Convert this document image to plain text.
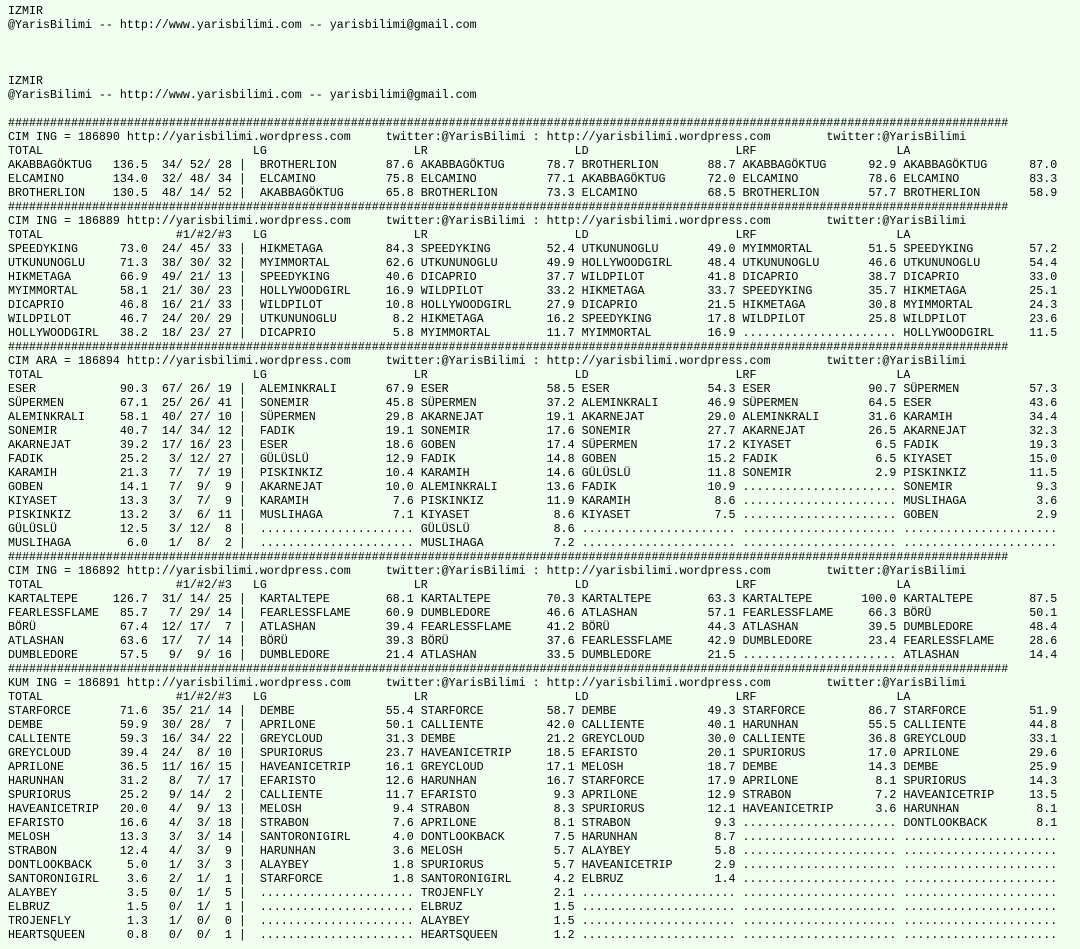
IZMIR
@YarisBilimi -- http://www.yarisbilimi.com -- yarisbilimi@gmail.com
IZMIR
@YarisBilimi -- http://www.yarisbilimi.com -- yarisbilimi@gmail.com
###############################################################################################################################################
CIM ING = 186890 http://yarisbilimi.wordpress.com     twitter:@YarisBilimi : http://yarisbilimi.wordpress.com        twitter:@YarisBilimi
TOTAL                              LG                     LR                     LD                     LRF                    LA
AKABBAGÖKTUG   136.5  34/ 52/ 28 |  BROTHERLION       87.6 AKABBAGÖKTUG      78.7 BROTHERLION       88.7 AKABBAGÖKTUG      92.9 AKABBAGÖKTUG      87.0
ELCAMINO       134.0  32/ 48/ 34 |  ELCAMINO          75.8 ELCAMINO          77.1 AKABBAGÖKTUG      72.0 ELCAMINO          78.6 ELCAMINO          83.3
BROTHERLION    130.5  48/ 14/ 52 |  AKABBAGÖKTUG      65.8 BROTHERLION       73.3 ELCAMINO          68.5 BROTHERLION       57.7 BROTHERLION       58.9
###############################################################################################################################################
CIM ING = 186889 http://yarisbilimi.wordpress.com     twitter:@YarisBilimi : http://yarisbilimi.wordpress.com        twitter:@YarisBilimi
TOTAL                   #1/#2/#3   LG                     LR                     LD                     LRF                    LA
SPEEDYKING      73.0  24/ 45/ 33 |  HIKMETAGA         84.3 SPEEDYKING        52.4 UTKUNUNOGLU       49.0 MYIMMORTAL        51.5 SPEEDYKING        57.2
UTKUNUNOGLU     71.3  38/ 30/ 32 |  MYIMMORTAL        62.6 UTKUNUNOGLU       49.9 HOLLYWOODGIRL     48.4 UTKUNUNOGLU       46.6 UTKUNUNOGLU       54.4
HIKMETAGA       66.9  49/ 21/ 13 |  SPEEDYKING        40.6 DICAPRIO          37.7 WILDPILOT         41.8 DICAPRIO          38.7 DICAPRIO          33.0
MYIMMORTAL      58.1  21/ 30/ 23 |  HOLLYWOODGIRL     16.9 WILDPILOT         33.2 HIKMETAGA         33.7 SPEEDYKING        35.7 HIKMETAGA         25.1
DICAPRIO        46.8  16/ 21/ 33 |  WILDPILOT         10.8 HOLLYWOODGIRL     27.9 DICAPRIO          21.5 HIKMETAGA         30.8 MYIMMORTAL        24.3
WILDPILOT       46.7  24/ 20/ 29 |  UTKUNUNOGLU        8.2 HIKMETAGA         16.2 SPEEDYKING        17.8 WILDPILOT         25.8 WILDPILOT         23.6
HOLLYWOODGIRL   38.2  18/ 23/ 27 |  DICAPRIO           5.8 MYIMMORTAL        11.7 MYIMMORTAL        16.9 ...................... HOLLYWOODGIRL     11.5
###############################################################################################################################################
CIM ARA = 186894 http://yarisbilimi.wordpress.com     twitter:@YarisBilimi : http://yarisbilimi.wordpress.com        twitter:@YarisBilimi
TOTAL                              LG                     LR                     LD                     LRF                    LA
ESER            90.3  67/ 26/ 19 |  ALEMINKRALI       67.9 ESER              58.5 ESER              54.3 ESER              90.7 SÜPERMEN          57.3
SÜPERMEN        67.1  25/ 26/ 41 |  SONEMIR           45.8 SÜPERMEN          37.2 ALEMINKRALI       46.9 SÜPERMEN          64.5 ESER              43.6
ALEMINKRALI     58.1  40/ 27/ 10 |  SÜPERMEN          29.8 AKARNEJAT         19.1 AKARNEJAT         29.0 ALEMINKRALI       31.6 KARAMIH           34.4
SONEMIR         40.7  14/ 34/ 12 |  FADIK             19.1 SONEMIR           17.6 SONEMIR           27.7 AKARNEJAT         26.5 AKARNEJAT         32.3
AKARNEJAT       39.2  17/ 16/ 23 |  ESER              18.6 GOBEN             17.4 SÜPERMEN          17.2 KIYASET            6.5 FADIK             19.3
FADIK           25.2   3/ 12/ 27 |  GÜLÜSLÜ           12.9 FADIK             14.8 GOBEN             15.2 FADIK              6.5 KIYASET           15.0
KARAMIH         21.3   7/  7/ 19 |  PISKINKIZ         10.4 KARAMIH           14.6 GÜLÜSLÜ           11.8 SONEMIR            2.9 PISKINKIZ         11.5
GOBEN           14.1   7/  9/  9 |  AKARNEJAT         10.0 ALEMINKRALI       13.6 FADIK             10.9 ...................... SONEMIR            9.3
KIYASET         13.3   3/  7/  9 |  KARAMIH            7.6 PISKINKIZ         11.9 KARAMIH            8.6 ...................... MUSLIHAGA          3.6
PISKINKIZ       13.2   3/  6/ 11 |  MUSLIHAGA          7.1 KIYASET            8.6 KIYASET            7.5 ...................... GOBEN              2.9
GÜLÜSLÜ         12.5   3/ 12/  8 |  ...................... GÜLÜSLÜ            8.6 ...................... ...................... ......................
MUSLIHAGA        6.0   1/  8/  2 |  ...................... MUSLIHAGA          7.2 ...................... ...................... ......................
###############################################################################################################################################
CIM ING = 186892 http://yarisbilimi.wordpress.com     twitter:@YarisBilimi : http://yarisbilimi.wordpress.com        twitter:@YarisBilimi
TOTAL                   #1/#2/#3   LG                     LR                     LD                     LRF                    LA
KARTALTEPE     126.7  31/ 14/ 25 |  KARTALTEPE        68.1 KARTALTEPE        70.3 KARTALTEPE        63.3 KARTALTEPE       100.0 KARTALTEPE        87.5
FEARLESSFLAME   85.7   7/ 29/ 14 |  FEARLESSFLAME     60.9 DUMBLEDORE        46.6 ATLASHAN          57.1 FEARLESSFLAME     66.3 BÖRÜ              50.1
BÖRÜ            67.4  12/ 17/  7 |  ATLASHAN          39.4 FEARLESSFLAME     41.2 BÖRÜ              44.3 ATLASHAN          39.5 DUMBLEDORE        48.4
ATLASHAN        63.6  17/  7/ 14 |  BÖRÜ              39.3 BÖRÜ              37.6 FEARLESSFLAME     42.9 DUMBLEDORE        23.4 FEARLESSFLAME     28.6
DUMBLEDORE      57.5   9/  9/ 16 |  DUMBLEDORE        21.4 ATLASHAN          33.5 DUMBLEDORE        21.5 ...................... ATLASHAN          14.4
###############################################################################################################################################
KUM ING = 186891 http://yarisbilimi.wordpress.com     twitter:@YarisBilimi : http://yarisbilimi.wordpress.com        twitter:@YarisBilimi
TOTAL                   #1/#2/#3   LG                     LR                     LD                     LRF                    LA
STARFORCE       71.6  35/ 21/ 14 |  DEMBE             55.4 STARFORCE         58.7 DEMBE             49.3 STARFORCE         86.7 STARFORCE         51.9
DEMBE           59.9  30/ 28/  7 |  APRILONE          50.1 CALLIENTE         42.0 CALLIENTE         40.1 HARUNHAN          55.5 CALLIENTE         44.8
CALLIENTE       59.3  16/ 34/ 22 |  GREYCLOUD         31.3 DEMBE             21.2 GREYCLOUD         30.0 CALLIENTE         36.8 GREYCLOUD         33.1
GREYCLOUD       39.4  24/  8/ 10 |  SPURIORUS         23.7 HAVEANICETRIP     18.5 EFARISTO          20.1 SPURIORUS         17.0 APRILONE          29.6
APRILONE        36.5  11/ 16/ 15 |  HAVEANICETRIP     16.1 GREYCLOUD         17.1 MELOSH            18.7 DEMBE             14.3 DEMBE             25.9
HARUNHAN        31.2   8/  7/ 17 |  EFARISTO          12.6 HARUNHAN          16.7 STARFORCE         17.9 APRILONE           8.1 SPURIORUS         14.3
SPURIORUS       25.2   9/ 14/  2 |  CALLIENTE         11.7 EFARISTO           9.3 APRILONE          12.9 STRABON            7.2 HAVEANICETRIP     13.5
HAVEANICETRIP   20.0   4/  9/ 13 |  MELOSH             9.4 STRABON            8.3 SPURIORUS         12.1 HAVEANICETRIP      3.6 HARUNHAN           8.1
EFARISTO        16.6   4/  3/ 18 |  STRABON            7.6 APRILONE           8.1 STRABON            9.3 ...................... DONTLOOKBACK       8.1
MELOSH          13.3   3/  3/ 14 |  SANTORONIGIRL      4.0 DONTLOOKBACK       7.5 HARUNHAN           8.7 ...................... ......................
STRABON         12.4   4/  3/  9 |  HARUNHAN           3.6 MELOSH             5.7 ALAYBEY            5.8 ...................... ......................
DONTLOOKBACK     5.0   1/  3/  3 |  ALAYBEY            1.8 SPURIORUS          5.7 HAVEANICETRIP      2.9 ...................... ......................
SANTORONIGIRL    3.6   2/  1/  1 |  STARFORCE          1.8 SANTORONIGIRL      4.2 ELBRUZ             1.4 ...................... ......................
ALAYBEY          3.5   0/  1/  5 |  ...................... TROJENFLY          2.1 ...................... ...................... ......................
ELBRUZ           1.5   0/  1/  1 |  ...................... ELBRUZ             1.5 ...................... ...................... ......................
TROJENFLY        1.3   1/  0/  0 |  ...................... ALAYBEY            1.5 ...................... ...................... ......................
HEARTSQUEEN      0.8   0/  0/  1 |  ...................... HEARTSQUEEN        1.2 ...................... ...................... ......................
